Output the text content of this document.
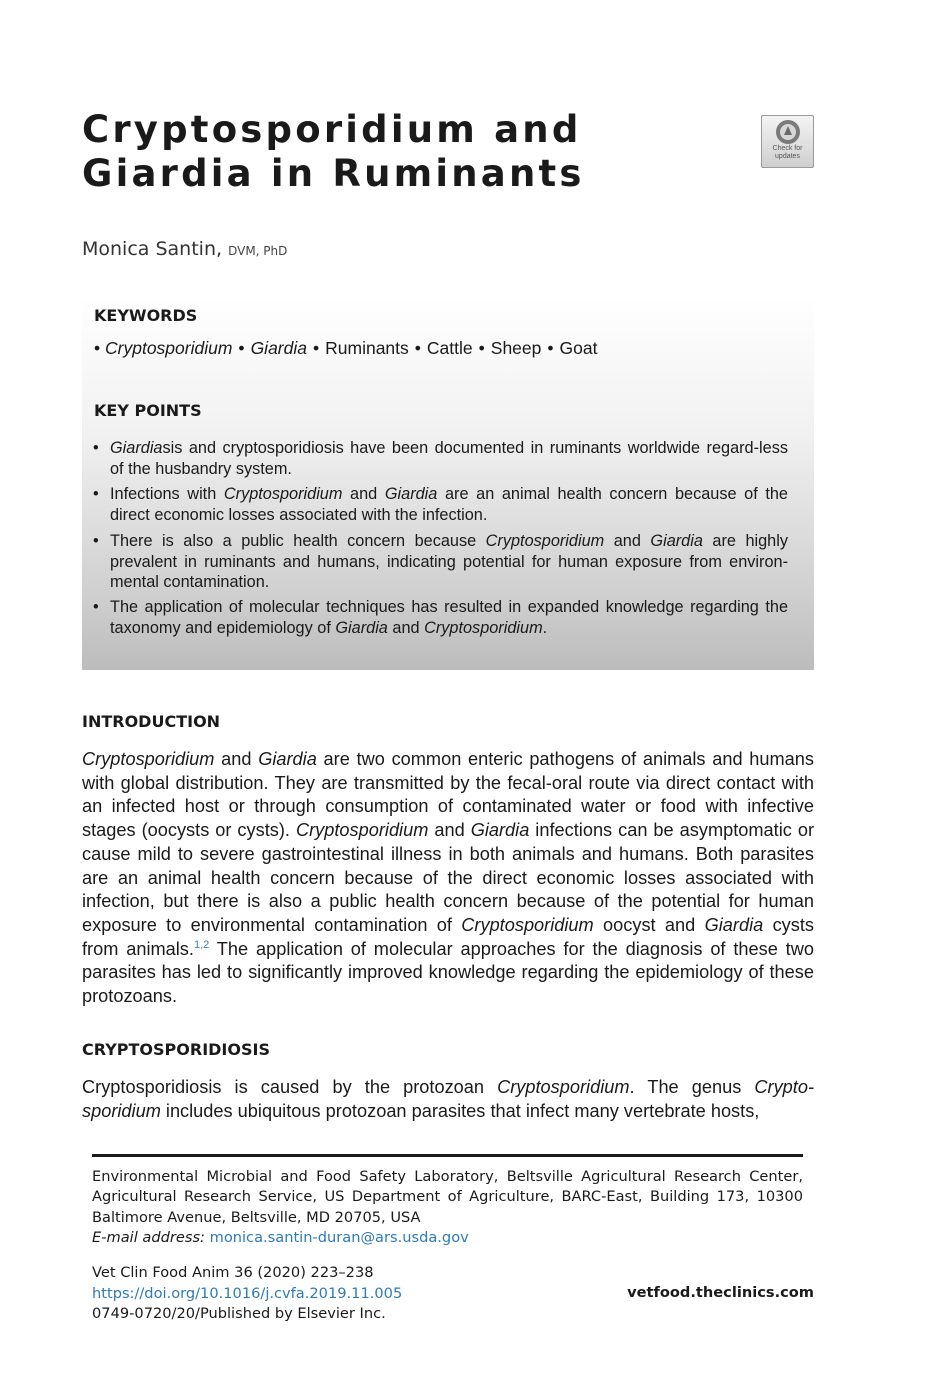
Cryptosporidium and
Giardia in Ruminants
Check for
updates
Monica Santin, DVM, PhD
KEYWORDS
• Cryptosporidium • Giardia • Ruminants • Cattle • Sheep • Goat
KEY POINTS
• Giardiasis and cryptosporidiosis have been documented in ruminants worldwide regard-less of the husbandry system.
• Infections with Cryptosporidium and Giardia are an animal health concern because of the direct economic losses associated with the infection.
• There is also a public health concern because Cryptosporidium and Giardia are highly prevalent in ruminants and humans, indicating potential for human exposure from environ-mental contamination.
• The application of molecular techniques has resulted in expanded knowledge regarding the taxonomy and epidemiology of Giardia and Cryptosporidium.
INTRODUCTION
Cryptosporidium and Giardia are two common enteric pathogens of animals and humans with global distribution. They are transmitted by the fecal-oral route via direct contact with an infected host or through consumption of contaminated water or food with infective stages (oocysts or cysts). Cryptosporidium and Giardia infections can be asymptomatic or cause mild to severe gastrointestinal illness in both animals and humans. Both parasites are an animal health concern because of the direct economic losses associated with infection, but there is also a public health concern because of the potential for human exposure to environmental contamination of Cryptosporidium oocyst and Giardia cysts from animals.$^{1,2}$ The application of molecular approaches for the diagnosis of these two parasites has led to significantly improved knowledge regarding the epidemiology of these protozoans.
CRYPTOSPORIDIOSIS
Cryptosporidiosis is caused by the protozoan Cryptosporidium. The genus Crypto-sporidium includes ubiquitous protozoan parasites that infect many vertebrate hosts,
Environmental Microbial and Food Safety Laboratory, Beltsville Agricultural Research Center, Agricultural Research Service, US Department of Agriculture, BARC-East, Building 173, 10300 Baltimore Avenue, Beltsville, MD 20705, USA
E-mail address: monica.santin-duran@ars.usda.gov
Vet Clin Food Anim 36 (2020) 223–238
https://doi.org/10.1016/j.cvfa.2019.11.005
0749-0720/20/Published by Elsevier Inc.
vetfood.theclinics.com
